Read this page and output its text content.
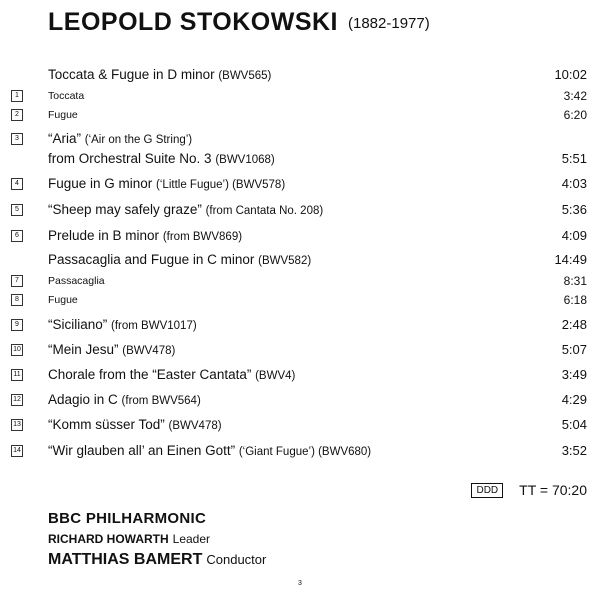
LEOPOLD STOKOWSKI (1882-1977)
Toccata & Fugue in D minor (BWV565)	10:02
1	Toccata	3:42
2	Fugue	6:20
3 “Aria” (‘Air on the G String’)
from Orchestral Suite No. 3 (BWV1068)	5:51
4 Fugue in G minor (‘Little Fugue’) (BWV578)	4:03
5 “Sheep may safely graze” (from Cantata No. 208)	5:36
6 Prelude in B minor (from BWV869)	4:09
Passacaglia and Fugue in C minor (BWV582)	14:49
7	Passacaglia	8:31
8	Fugue	6:18
9 “Siciliano” (from BWV1017)	2:48
10 “Mein Jesu” (BWV478)	5:07
11 Chorale from the “Easter Cantata” (BWV4)	3:49
12 Adagio in C (from BWV564)	4:29
13 “Komm süsser Tod” (BWV478)	5:04
14 “Wir glauben all’ an Einen Gott” (‘Giant Fugue’) (BWV680)	3:52
DDD TT = 70:20
BBC PHILHARMONIC
RICHARD HOWARTH Leader
MATTHIAS BAMERT Conductor
3
